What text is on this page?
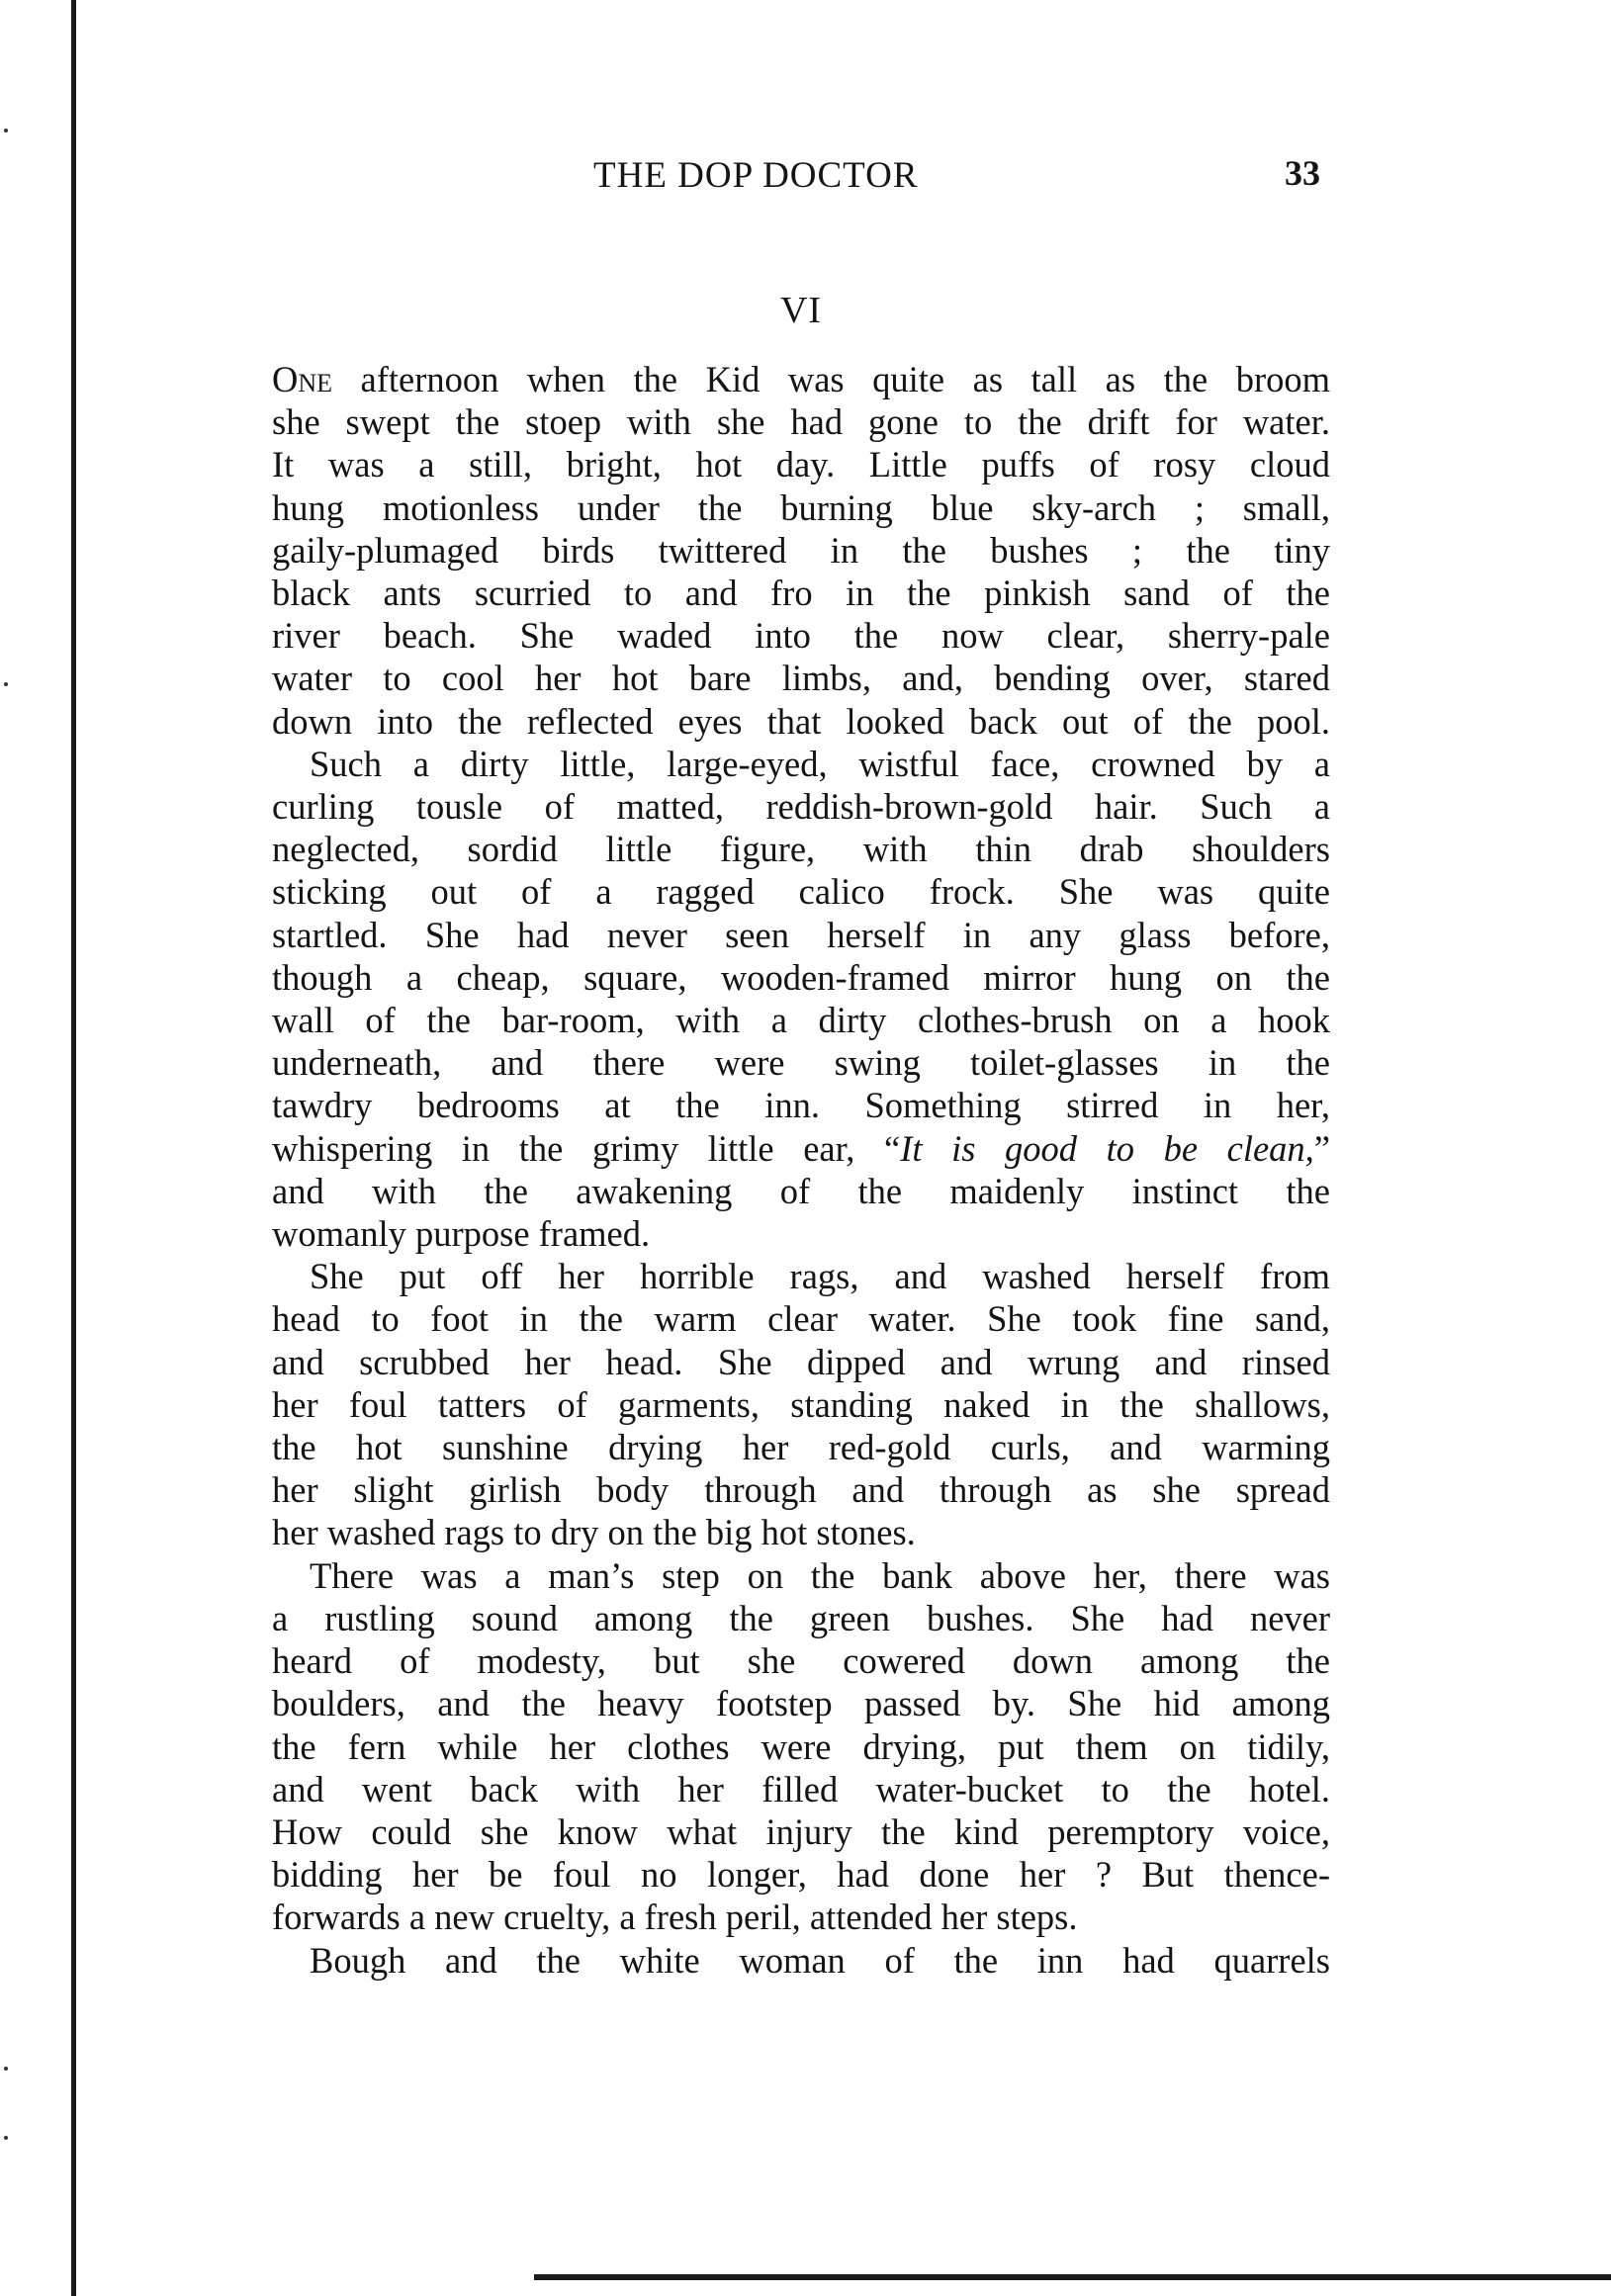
THE DOP DOCTOR	33
VI
One afternoon when the Kid was quite as tall as the broom
she swept the stoep with she had gone to the drift for water.
It was a still, bright, hot day. Little puffs of rosy cloud
hung motionless under the burning blue sky-arch ; small,
gaily-plumaged birds twittered in the bushes ; the tiny
black ants scurried to and fro in the pinkish sand of the
river beach. She waded into the now clear, sherry-pale
water to cool her hot bare limbs, and, bending over, stared
down into the reflected eyes that looked back out of the pool.
Such a dirty little, large-eyed, wistful face, crowned by a
curling tousle of matted, reddish-brown-gold hair. Such a
neglected, sordid little figure, with thin drab shoulders
sticking out of a ragged calico frock. She was quite
startled. She had never seen herself in any glass before,
though a cheap, square, wooden-framed mirror hung on the
wall of the bar-room, with a dirty clothes-brush on a hook
underneath, and there were swing toilet-glasses in the
tawdry bedrooms at the inn. Something stirred in her,
whispering in the grimy little ear, “It is good to be clean,”
and with the awakening of the maidenly instinct the
womanly purpose framed.
She put off her horrible rags, and washed herself from
head to foot in the warm clear water. She took fine sand,
and scrubbed her head. She dipped and wrung and rinsed
her foul tatters of garments, standing naked in the shallows,
the hot sunshine drying her red-gold curls, and warming
her slight girlish body through and through as she spread
her washed rags to dry on the big hot stones.
There was a man’s step on the bank above her, there was
a rustling sound among the green bushes. She had never
heard of modesty, but she cowered down among the
boulders, and the heavy footstep passed by. She hid among
the fern while her clothes were drying, put them on tidily,
and went back with her filled water-bucket to the hotel.
How could she know what injury the kind peremptory voice,
bidding her be foul no longer, had done her ? But thence-
forwards a new cruelty, a fresh peril, attended her steps.
Bough and the white woman of the inn had quarrels
